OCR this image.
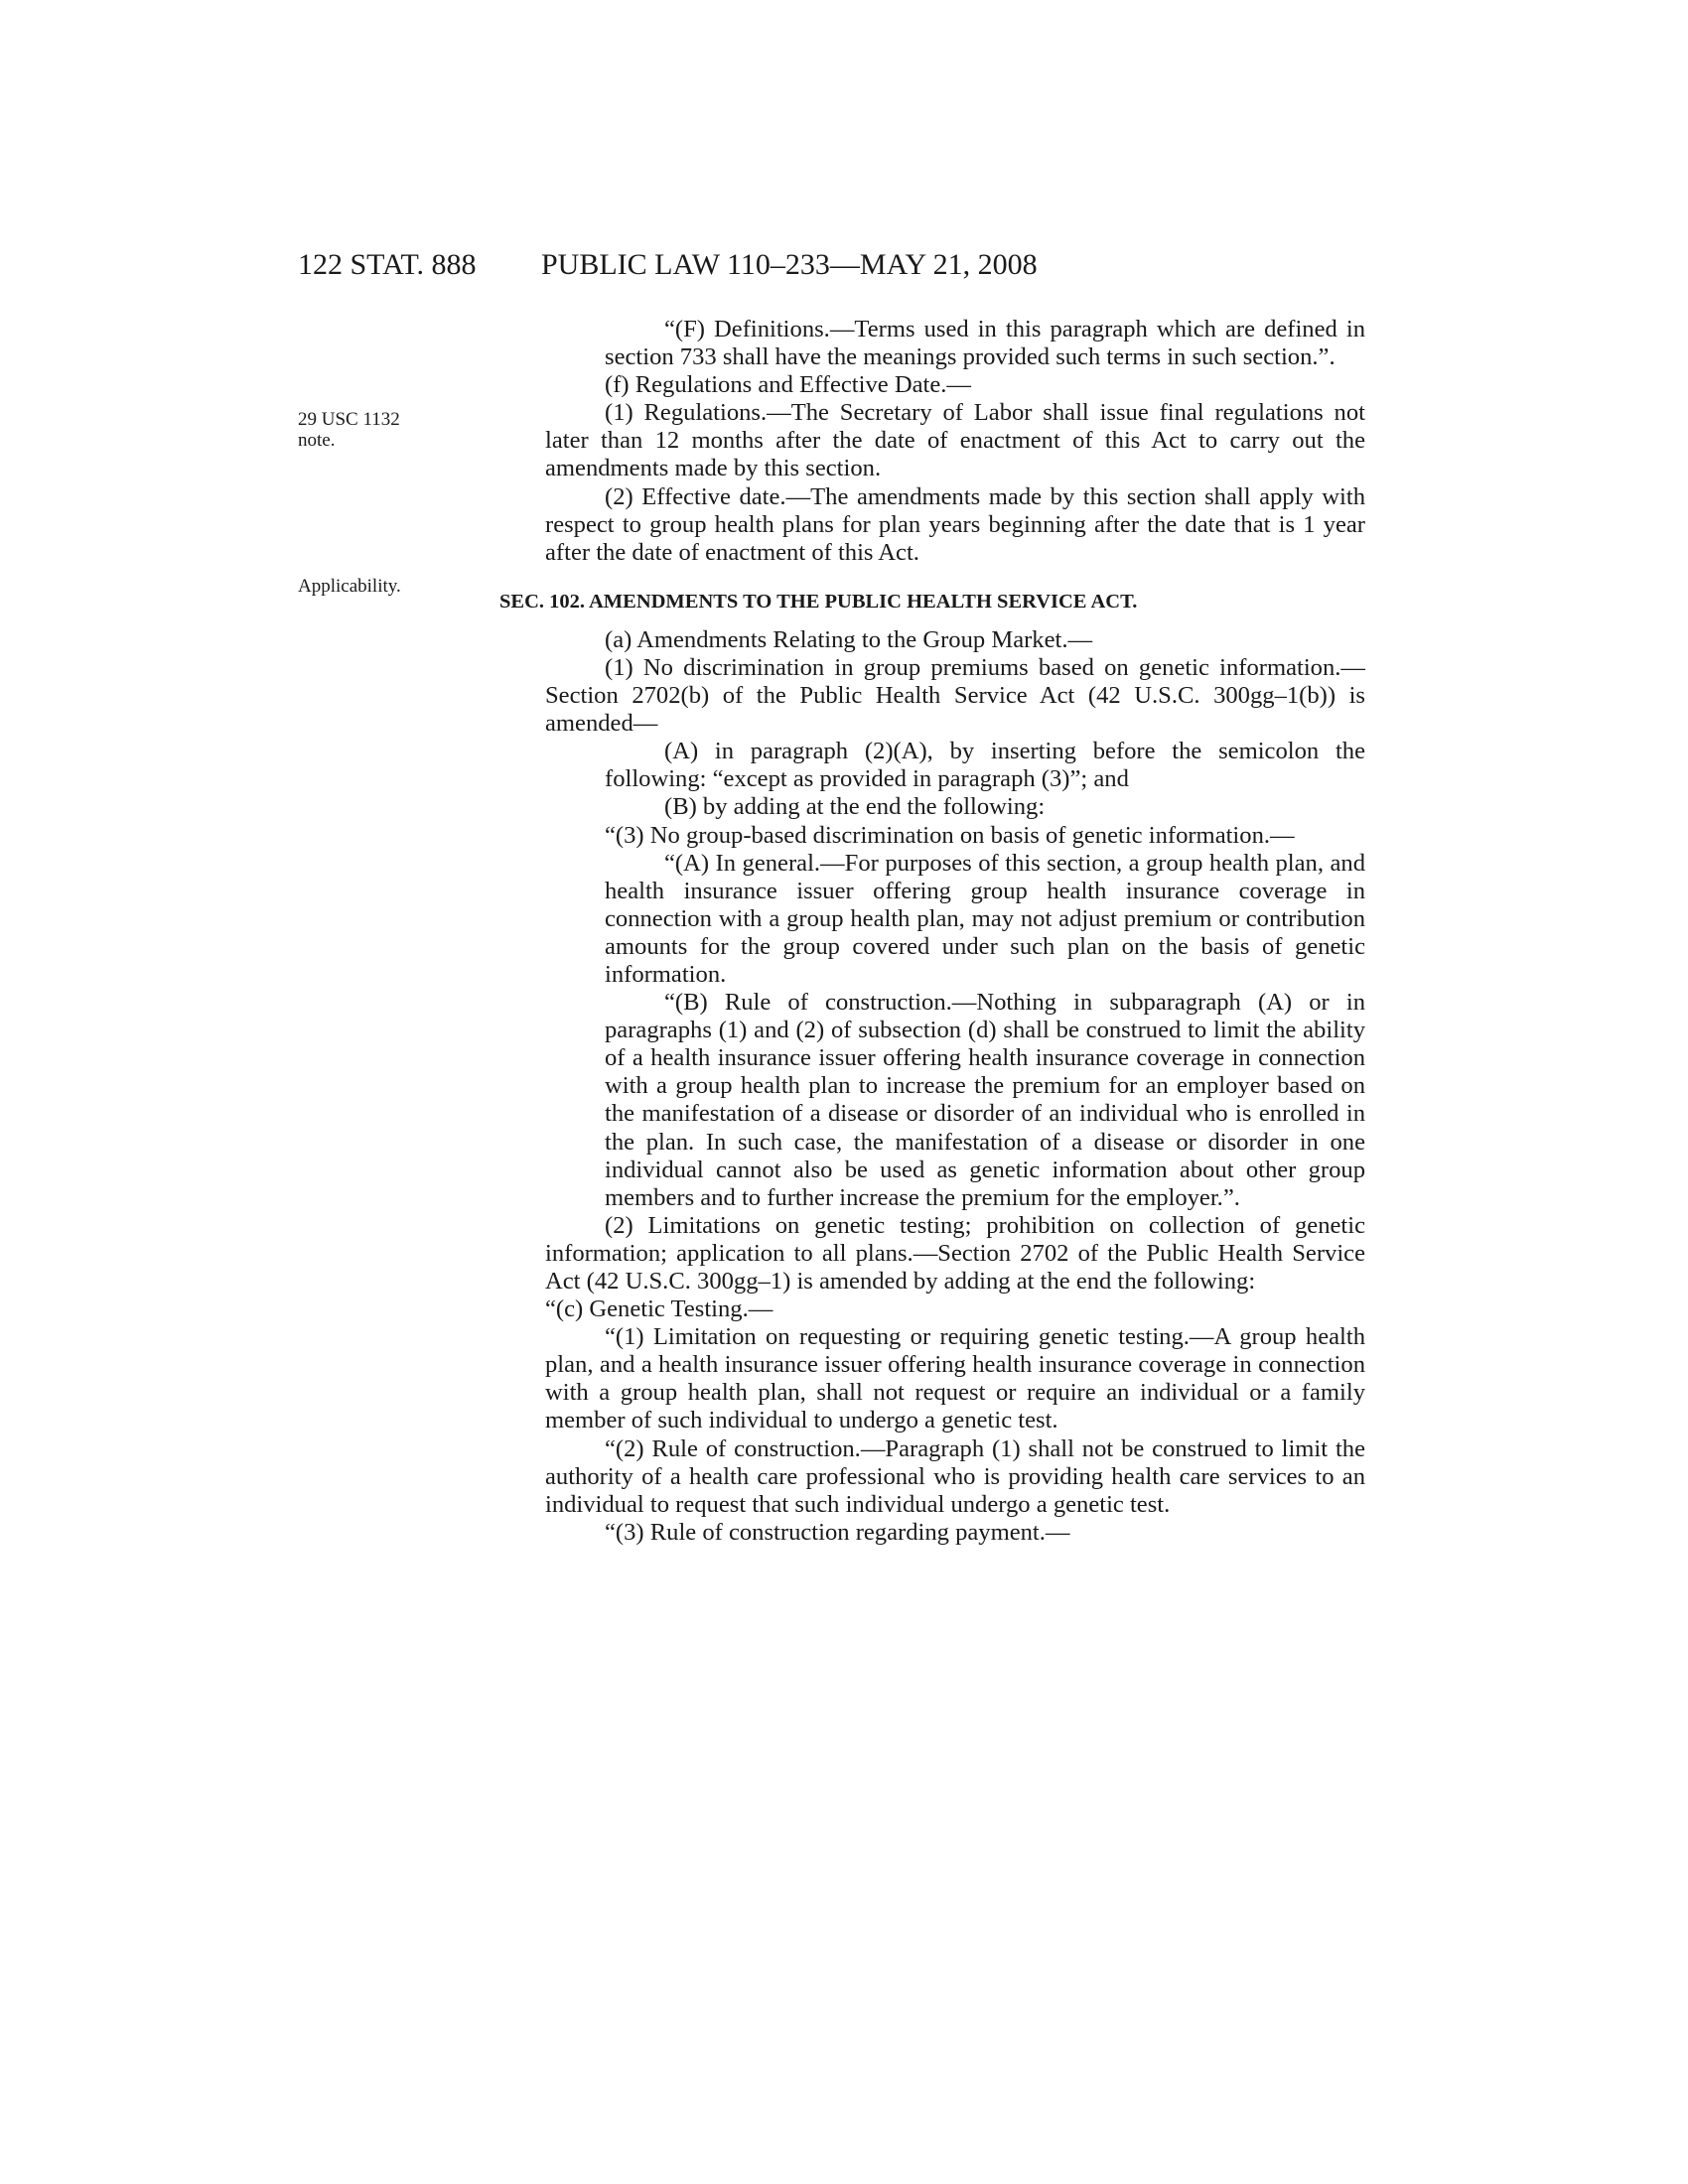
122 STAT. 888 PUBLIC LAW 110–233—MAY 21, 2008
29 USC 1132
note.
Applicability.

“(F) Definitions.—Terms used in this paragraph which are defined in section 733 shall have the meanings provided such terms in such section.”.

(f) Regulations and Effective Date.—

(1) Regulations.—The Secretary of Labor shall issue final regulations not later than 12 months after the date of enactment of this Act to carry out the amendments made by this section.

(2) Effective date.—The amendments made by this section shall apply with respect to group health plans for plan years beginning after the date that is 1 year after the date of enactment of this Act.

SEC. 102. AMENDMENTS TO THE PUBLIC HEALTH SERVICE ACT.

(a) Amendments Relating to the Group Market.—

(1) No discrimination in group premiums based on genetic information.—Section 2702(b) of the Public Health Service Act (42 U.S.C. 300gg–1(b)) is amended—

(A) in paragraph (2)(A), by inserting before the semicolon the following: “except as provided in paragraph (3)”; and

(B) by adding at the end the following:

“(3) No group-based discrimination on basis of genetic information.—

“(A) In general.—For purposes of this section, a group health plan, and health insurance issuer offering group health insurance coverage in connection with a group health plan, may not adjust premium or contribution amounts for the group covered under such plan on the basis of genetic information.

“(B) Rule of construction.—Nothing in subparagraph (A) or in paragraphs (1) and (2) of subsection (d) shall be construed to limit the ability of a health insurance issuer offering health insurance coverage in connection with a group health plan to increase the premium for an employer based on the manifestation of a disease or disorder of an individual who is enrolled in the plan. In such case, the manifestation of a disease or disorder in one individual cannot also be used as genetic information about other group members and to further increase the premium for the employer.”.

(2) Limitations on genetic testing; prohibition on collection of genetic information; application to all plans.—Section 2702 of the Public Health Service Act (42 U.S.C. 300gg–1) is amended by adding at the end the following:

“(c) Genetic Testing.—

“(1) Limitation on requesting or requiring genetic testing.—A group health plan, and a health insurance issuer offering health insurance coverage in connection with a group health plan, shall not request or require an individual or a family member of such individual to undergo a genetic test.

“(2) Rule of construction.—Paragraph (1) shall not be construed to limit the authority of a health care professional who is providing health care services to an individual to request that such individual undergo a genetic test.

“(3) Rule of construction regarding payment.—
